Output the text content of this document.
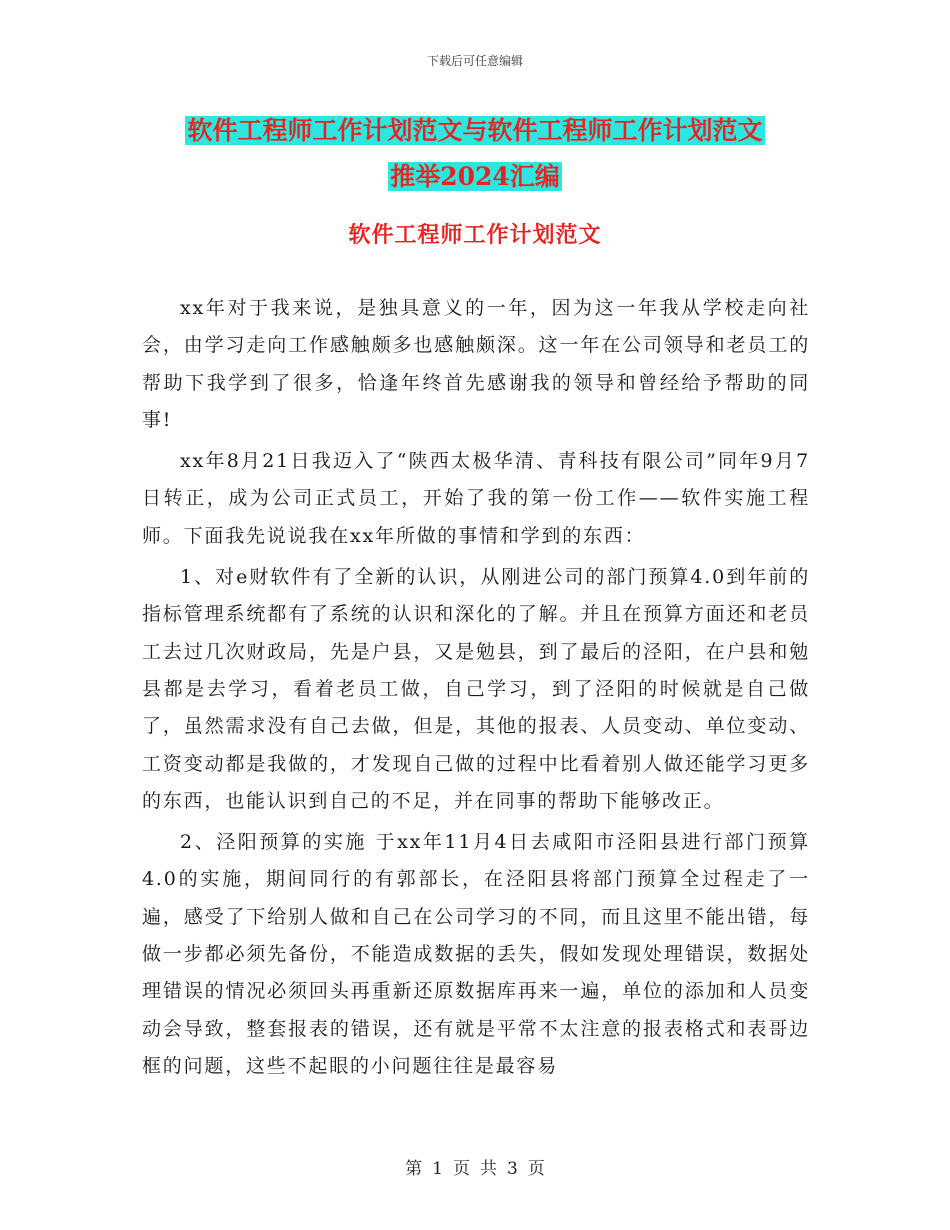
下载后可任意编辑
软件工程师工作计划范文与软件工程师工作计划范文
推举2024汇编
软件工程师工作计划范文

xx年对于我来说，是独具意义的一年，因为这一年我从学校走向社会，由学习走向工作感触颇多也感触颇深。这一年在公司领导和老员工的帮助下我学到了很多，恰逢年终首先感谢我的领导和曾经给予帮助的同事!

xx年8月21日我迈入了“陕西太极华清、青科技有限公司”同年9月7日转正，成为公司正式员工，开始了我的第一份工作——软件实施工程师。下面我先说说我在xx年所做的事情和学到的东西：

1、对e财软件有了全新的认识，从刚进公司的部门预算4.0到年前的指标管理系统都有了系统的认识和深化的了解。并且在预算方面还和老员工去过几次财政局，先是户县，又是勉县，到了最后的泾阳，在户县和勉县都是去学习，看着老员工做，自己学习，到了泾阳的时候就是自己做了，虽然需求没有自己去做，但是，其他的报表、人员变动、单位变动、工资变动都是我做的，才发现自己做的过程中比看着别人做还能学习更多的东西，也能认识到自己的不足，并在同事的帮助下能够改正。

2、泾阳预算的实施 于xx年11月4日去咸阳市泾阳县进行部门预算4.0的实施，期间同行的有郭部长，在泾阳县将部门预算全过程走了一遍，感受了下给别人做和自己在公司学习的不同，而且这里不能出错，每做一步都必须先备份，不能造成数据的丢失，假如发现处理错误，数据处理错误的情况必须回头再重新还原数据库再来一遍，单位的添加和人员变动会导致，整套报表的错误，还有就是平常不太注意的报表格式和表哥边框的问题，这些不起眼的小问题往往是最容易

第 1 页 共 3 页
